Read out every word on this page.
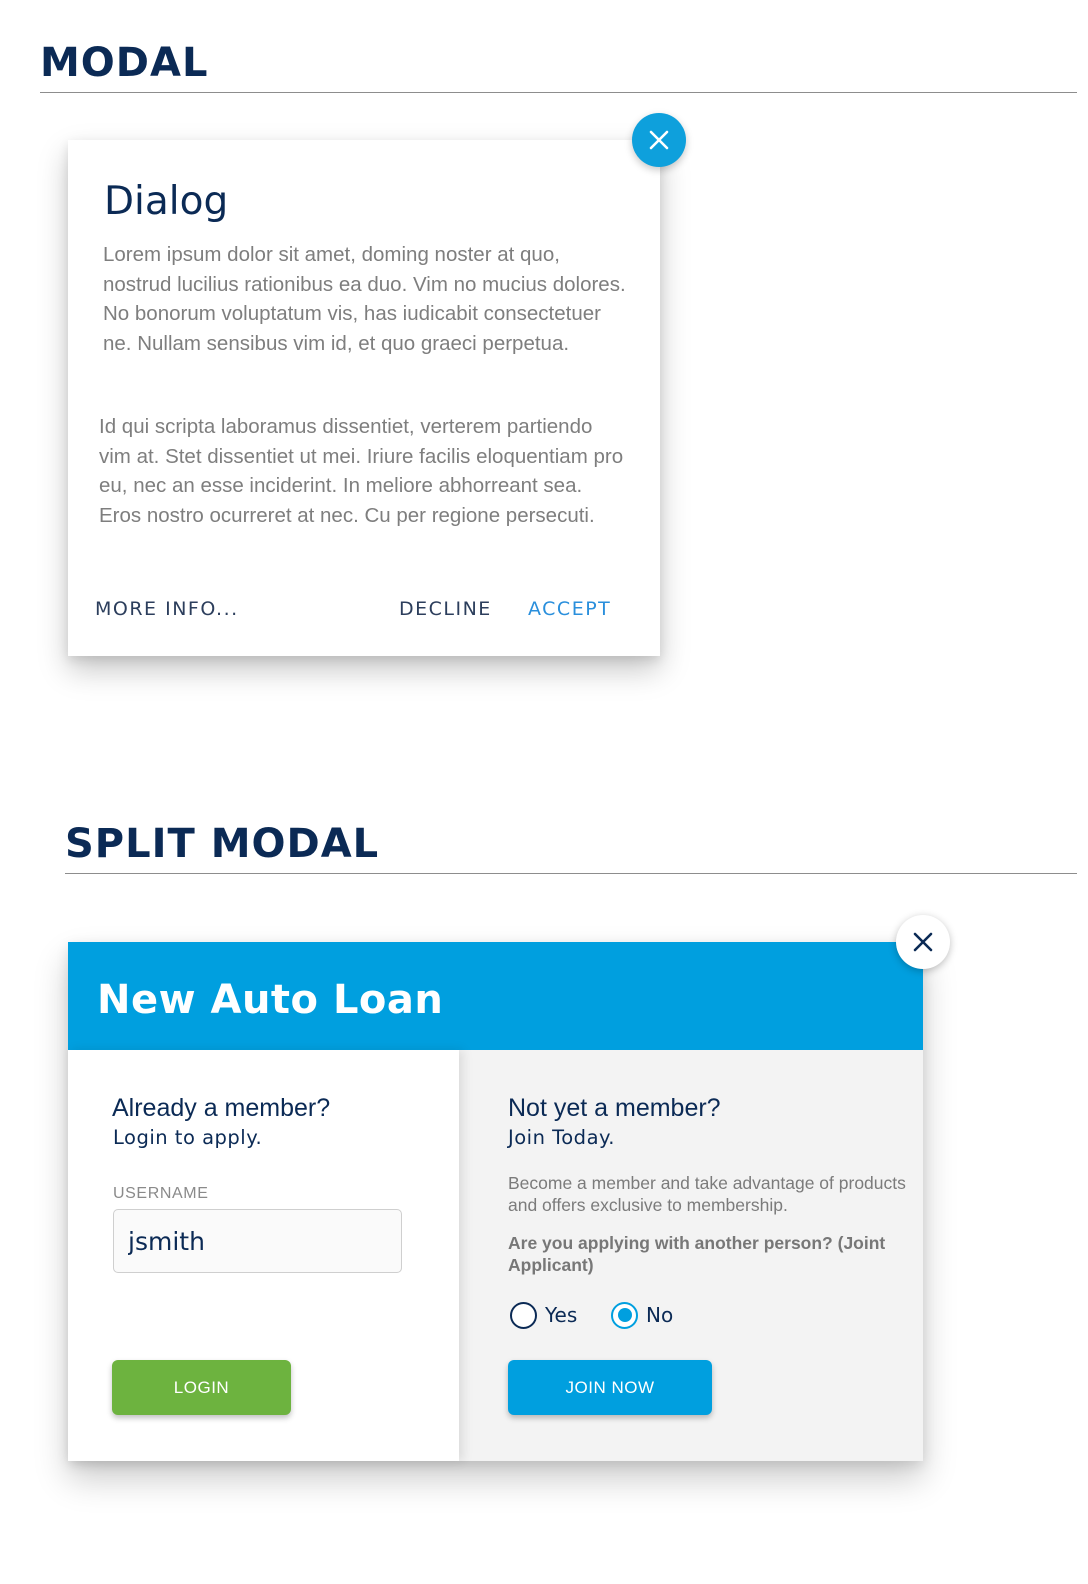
MODAL
Dialog

Lorem ipsum dolor sit amet, doming noster at quo, nostrud lucilius rationibus ea duo. Vim no mucius dolores. No bonorum voluptatum vis, has iudicabit consectetuer ne. Nullam sensibus vim id, et quo graeci perpetua.

Id qui scripta laboramus dissentiet, verterem partiendo vim at. Stet dissentiet ut mei. Iriure facilis eloquentiam pro eu, nec an esse inciderint. In meliore abhorreant sea. Eros nostro ocurreret at nec. Cu per regione persecuti.

MORE INFO...	DECLINE ACCEPT
SPLIT MODAL
New Auto Loan
Already a member?
Login to apply.
USERNAME
jsmith
LOGIN
Not yet a member?
Join Today.

Become a member and take advantage of products and offers exclusive to membership.

Are you applying with another person? (Joint Applicant)

Yes	No
JOIN NOW
